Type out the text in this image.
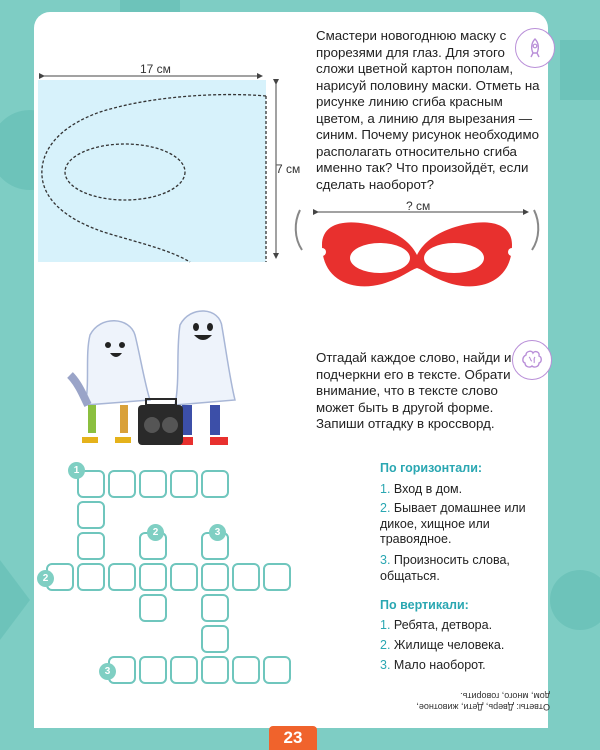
17 см
7 см
? см
Смастери новогоднюю маску с прорезями для глаз. Для этого сложи цветной картон пополам, нарисуй половину маски. Отметь на рисунке линию сгиба красным цветом, а линию для вырезания — синим. Почему рисунок необходимо располагать относительно сгиба именно так? Что произойдёт, если сделать наоборот?
Отгадай каждое слово, найди и подчеркни его в тексте. Обрати внимание, что в тексте слово может быть в другой форме. Запиши отгадку в кроссворд.
По горизонтали:
1. Вход в дом.
2. Бывает домашнее или дикое, хищное или травоядное.
3. Произносить слова, общаться.
По вертикали:
1. Ребята, детвора.
2. Жилище человека.
3. Мало наоборот.
1
2
3
2	3
Ответы: Дверь, Дети, животное, дом, много, говорить.
23
